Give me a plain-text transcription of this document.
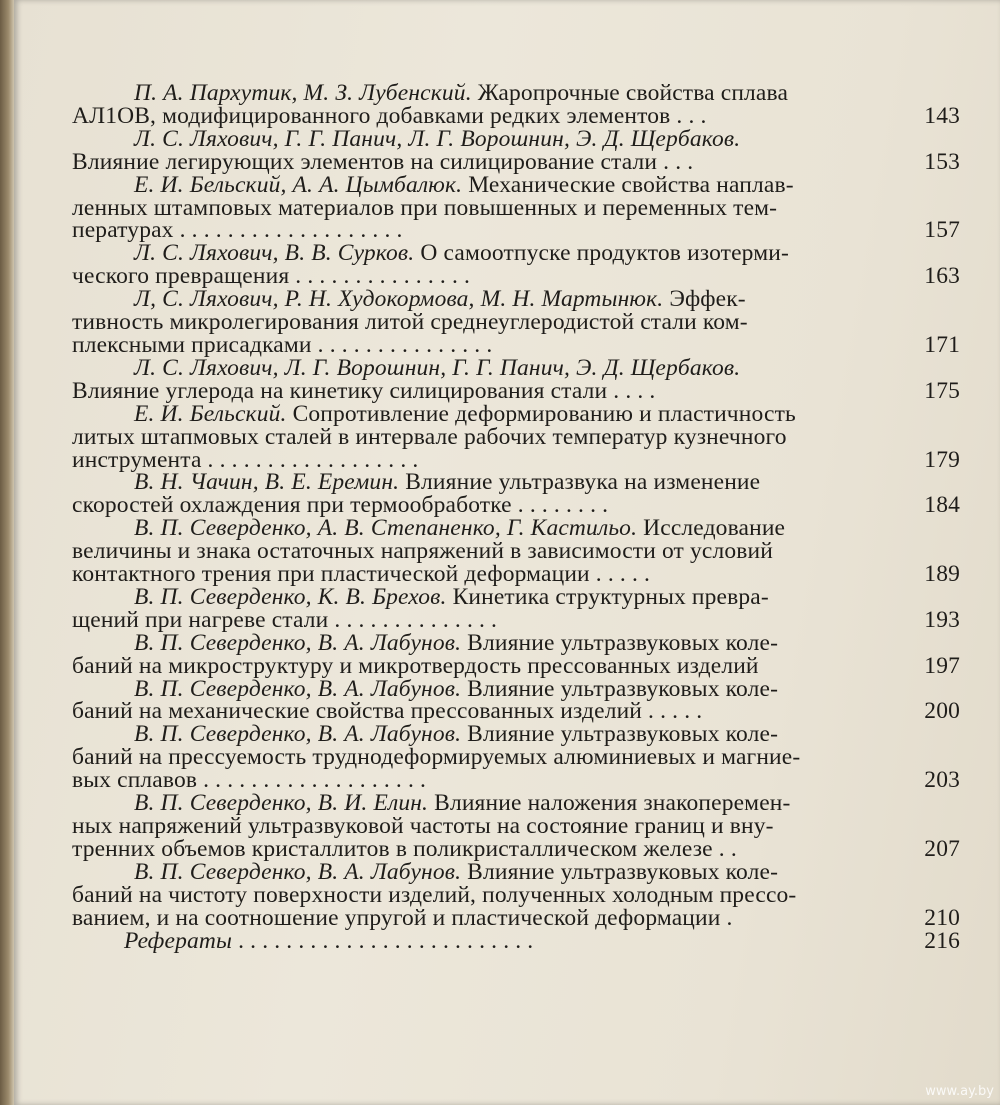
П. А. Пархутик, М. З. Лубенский. Жаропрочные свойства сплава
АЛ1ОВ, модифицированного добавками редких элементов . . .	143
Л. С. Ляхович, Г. Г. Панич, Л. Г. Ворошнин, Э. Д. Щербаков.
Влияние легирующих элементов на силицирование стали . . .	153
Е. И. Бельский, А. А. Цымбалюк. Механические свойства наплав-
ленных штамповых материалов при повышенных и переменных тем-
пературах . . . . . . . . . . . . . . . . . . .	157
Л. С. Ляхович, В. В. Сурков. О самоотпуске продуктов изотерми-
ческого превращения . . . . . . . . . . . . . . .	163
Л, С. Ляхович, Р. Н. Худокормова, М. Н. Мартынюк. Эффек-
тивность микролегирования литой среднеуглеродистой стали ком-
плексными присадками . . . . . . . . . . . . . . .	171
Л. С. Ляхович, Л. Г. Ворошнин, Г. Г. Панич, Э. Д. Щербаков.
Влияние углерода на кинетику силицирования стали . . . .	175
Е. И. Бельский. Сопротивление деформированию и пластичность
литых штапмовых сталей в интервале рабочих температур кузнечного
инструмента . . . . . . . . . . . . . . . . . .	179
В. Н. Чачин, В. Е. Еремин. Влияние ультразвука на изменение
скоростей охлаждения при термообработке . . . . . . . .	184
В. П. Северденко, А. В. Степаненко, Г. Кастильо. Исследование
величины и знака остаточных напряжений в зависимости от условий
контактного трения при пластической деформации . . . . .	189
В. П. Северденко, К. В. Брехов. Кинетика структурных превра-
щений при нагреве стали . . . . . . . . . . . . . .	193
В. П. Северденко, В. А. Лабунов. Влияние ультразвуковых коле-
баний на микроструктуру и микротвердость прессованных изделий	197
В. П. Северденко, В. А. Лабунов. Влияние ультразвуковых коле-
баний на механические свойства прессованных изделий . . . . .	200
В. П. Северденко, В. А. Лабунов. Влияние ультразвуковых коле-
баний на прессуемость труднодеформируемых алюминиевых и магние-
вых сплавов . . . . . . . . . . . . . . . . . . .	203
В. П. Северденко, В. И. Елин. Влияние наложения знакоперемен-
ных напряжений ультразвуковой частоты на состояние границ и вну-
тренних объемов кристаллитов в поликристаллическом железе . .	207
В. П. Северденко, В. А. Лабунов. Влияние ультразвуковых коле-
баний на чистоту поверхности изделий, полученных холодным прессо-
ванием, и на соотношение упругой и пластической деформации .	210
Рефераты . . . . . . . . . . . . . . . . . . . . . . . . .	216
www.ay.by
